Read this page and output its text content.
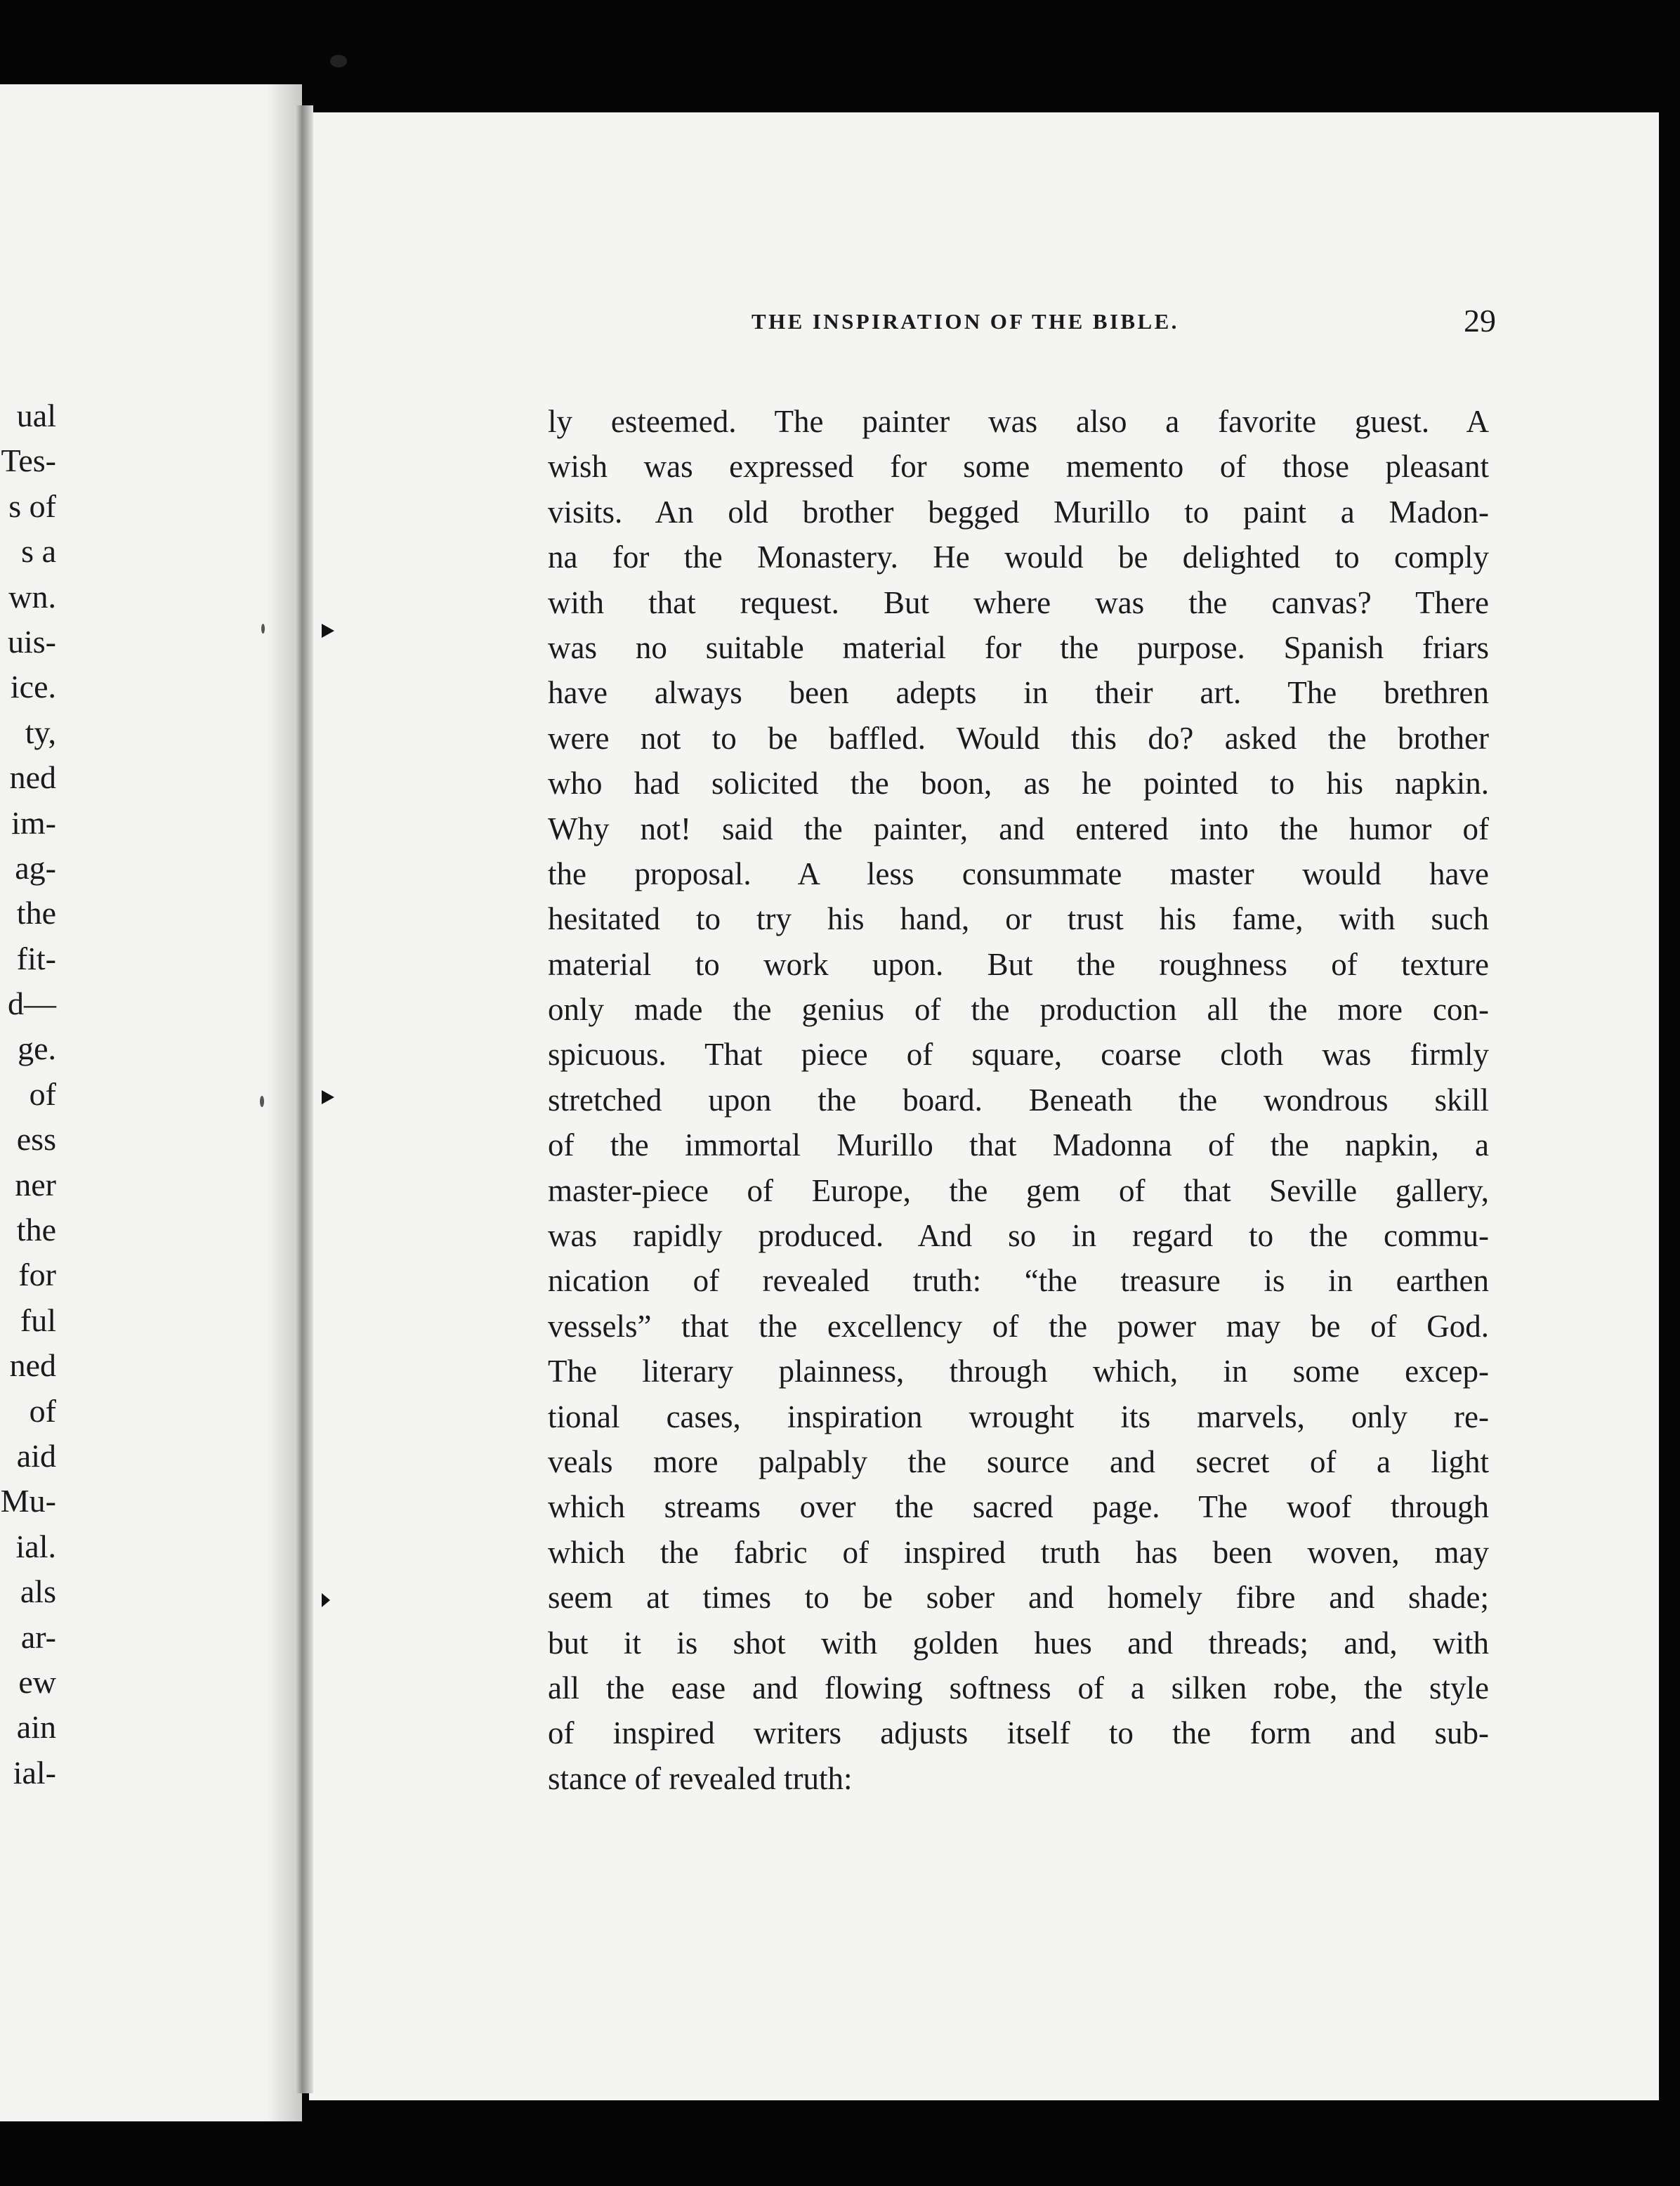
ual
Tes-
s of
s a
wn.
uis-
ice.
ty,
ned
im-
ag-
the
fit-
d—
ge.
of
ess
ner
the
for
ful
ned
of
aid
Mu-
ial.
als
ar-
ew
ain
ial-
THE INSPIRATION OF THE BIBLE.	29
ly esteemed. The painter was also a favorite guest. A
wish was expressed for some memento of those pleasant
visits. An old brother begged Murillo to paint a Madon-
na for the Monastery. He would be delighted to comply
with that request. But where was the canvas? There
was no suitable material for the purpose. Spanish friars
have always been adepts in their art. The brethren
were not to be baffled. Would this do? asked the brother
who had solicited the boon, as he pointed to his napkin.
Why not! said the painter, and entered into the humor of
the proposal. A less consummate master would have
hesitated to try his hand, or trust his fame, with such
material to work upon. But the roughness of texture
only made the genius of the production all the more con-
spicuous. That piece of square, coarse cloth was firmly
stretched upon the board. Beneath the wondrous skill
of the immortal Murillo that Madonna of the napkin, a
master-piece of Europe, the gem of that Seville gallery,
was rapidly produced. And so in regard to the commu-
nication of revealed truth: “the treasure is in earthen
vessels” that the excellency of the power may be of God.
The literary plainness, through which, in some excep-
tional cases, inspiration wrought its marvels, only re-
veals more palpably the source and secret of a light
which streams over the sacred page. The woof through
which the fabric of inspired truth has been woven, may
seem at times to be sober and homely fibre and shade;
but it is shot with golden hues and threads; and, with
all the ease and flowing softness of a silken robe, the style
of inspired writers adjusts itself to the form and sub-
stance of revealed truth:
